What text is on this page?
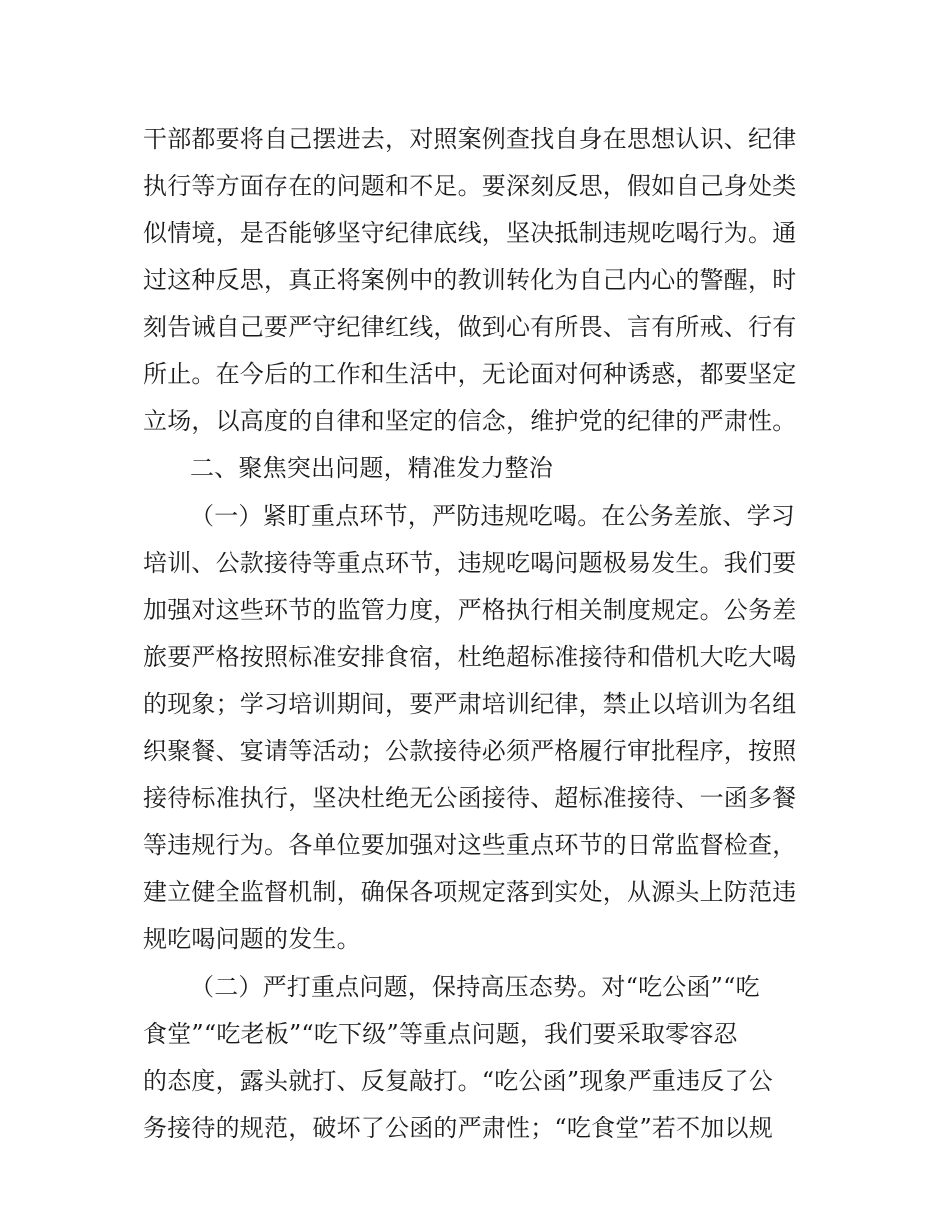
干部都要将自己摆进去，对照案例查找自身在思想认识、纪律
执行等方面存在的问题和不足。要深刻反思，假如自己身处类
似情境，是否能够坚守纪律底线，坚决抵制违规吃喝行为。通
过这种反思，真正将案例中的教训转化为自己内心的警醒，时
刻告诫自己要严守纪律红线，做到心有所畏、言有所戒、行有
所止。在今后的工作和生活中，无论面对何种诱惑，都要坚定
立场，以高度的自律和坚定的信念，维护党的纪律的严肃性。
二、聚焦突出问题，精准发力整治
（一）紧盯重点环节，严防违规吃喝。在公务差旅、学习
培训、公款接待等重点环节，违规吃喝问题极易发生。我们要
加强对这些环节的监管力度，严格执行相关制度规定。公务差
旅要严格按照标准安排食宿，杜绝超标准接待和借机大吃大喝
的现象；学习培训期间，要严肃培训纪律，禁止以培训为名组
织聚餐、宴请等活动；公款接待必须严格履行审批程序，按照
接待标准执行，坚决杜绝无公函接待、超标准接待、一函多餐
等违规行为。各单位要加强对这些重点环节的日常监督检查，
建立健全监督机制，确保各项规定落到实处，从源头上防范违
规吃喝问题的发生。
（二）严打重点问题，保持高压态势。对“吃公函”“吃
食堂”“吃老板”“吃下级”等重点问题，我们要采取零容忍
的态度，露头就打、反复敲打。“吃公函”现象严重违反了公
务接待的规范，破坏了公函的严肃性；“吃食堂”若不加以规
